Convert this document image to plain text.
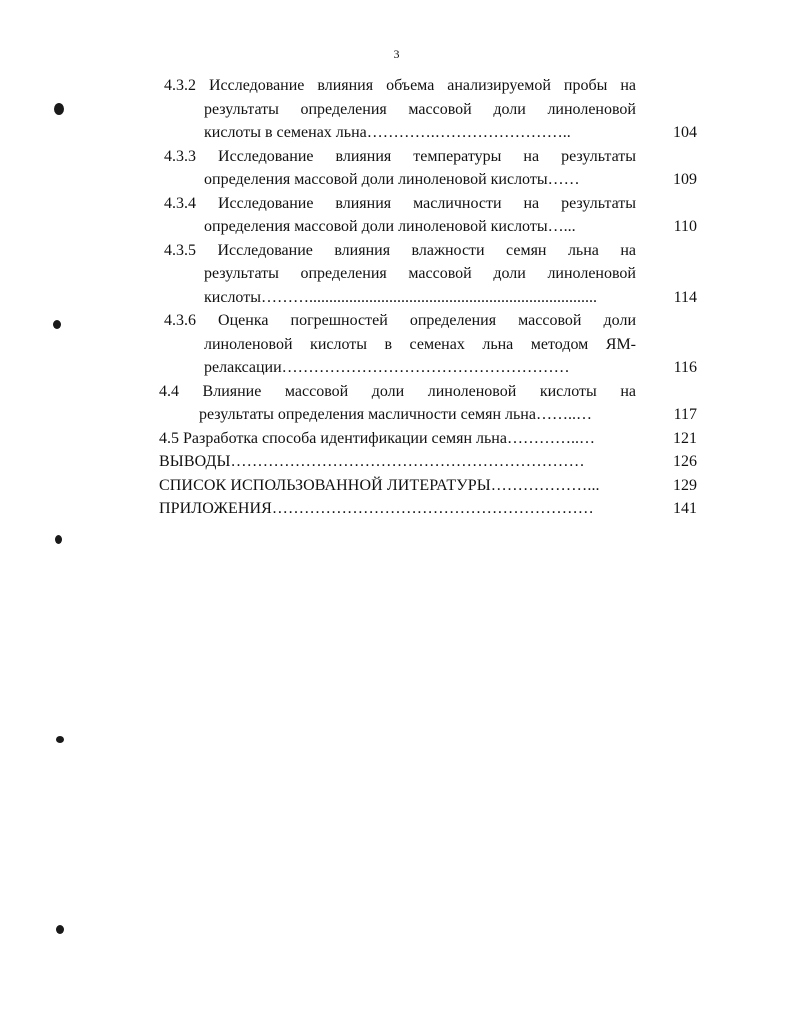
3
4.3.2 Исследование влияния объема анализируемой пробы на
результаты определения массовой доли линоленовой
кислоты в семенах льна………….……………………..	104
4.3.3 Исследование влияния температуры на результаты
определения массовой доли линоленовой кислоты……	109
4.3.4 Исследование влияния масличности на результаты
определения массовой доли линоленовой кислоты…...	110
4.3.5 Исследование влияния влажности семян льна на
результаты определения массовой доли линоленовой
кислоты………........................................................................	114
4.3.6 Оценка погрешностей определения массовой доли
линоленовой кислоты в семенах льна методом ЯМ-
релаксации………………………………………………	116
4.4 Влияние массовой доли линоленовой кислоты на
результаты определения масличности семян льна……..…	117
4.5 Разработка способа идентификации семян льна…………..…	121
ВЫВОДЫ…………………………………………………………	126
СПИСОК ИСПОЛЬЗОВАННОЙ ЛИТЕРАТУРЫ………………...	129
ПРИЛОЖЕНИЯ……………………………………………………	141
